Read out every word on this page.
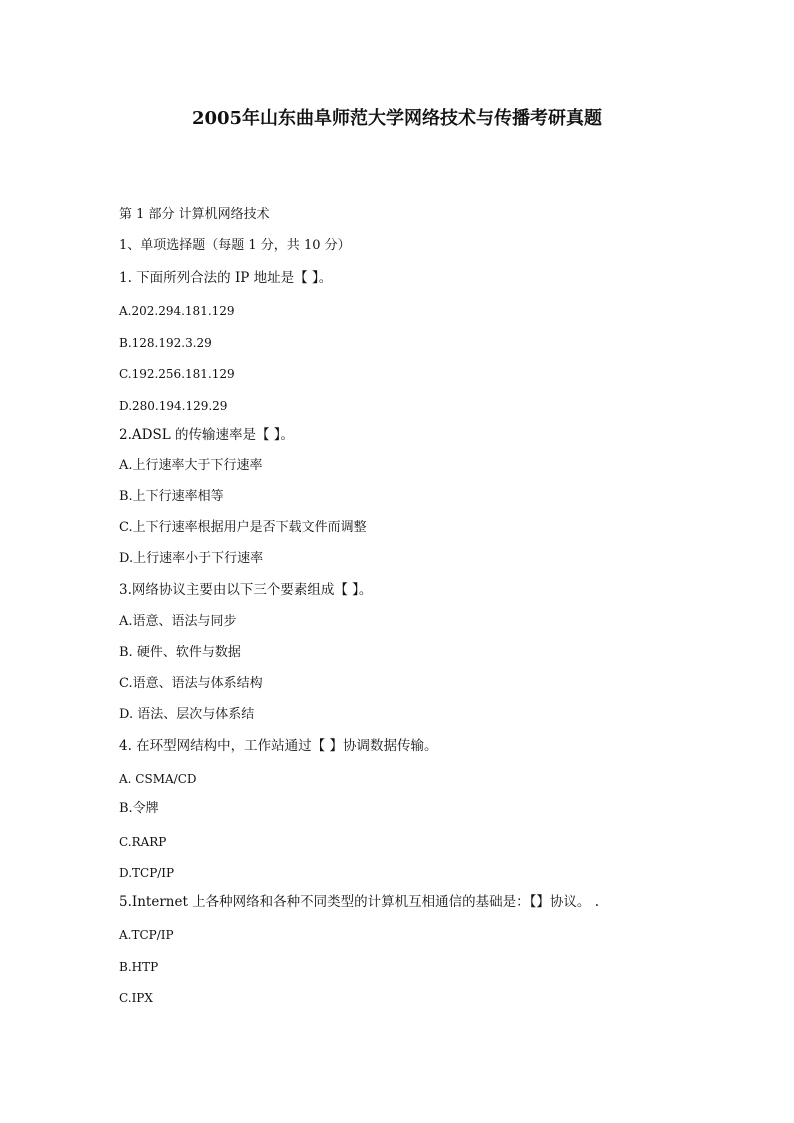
2005年山东曲阜师范大学网络技术与传播考研真题
第 1 部分 计算机网络技术
1、单项选择题（每题 1 分，共 10 分）
1. 下面所列合法的 IP 地址是【 】。
A.202.294.181.129
B.128.192.3.29
C.192.256.181.129
D.280.194.129.29
2.ADSL 的传输速率是【 】。
A.上行速率大于下行速率
B.上下行速率相等
C.上下行速率根据用户是否下载文件而调整
D.上行速率小于下行速率
3.网络协议主要由以下三个要素组成【 】。
A.语意、语法与同步
B. 硬件、软件与数据
C.语意、语法与体系结构
D. 语法、层次与体系结
4. 在环型网结构中，工作站通过【 】协调数据传输。
A. CSMA/CD
B.令牌
C.RARP
D.TCP/IP
5.Internet 上各种网络和各种不同类型的计算机互相通信的基础是：【】协议。 .
A.TCP/IP
B.HTP
C.IPX
